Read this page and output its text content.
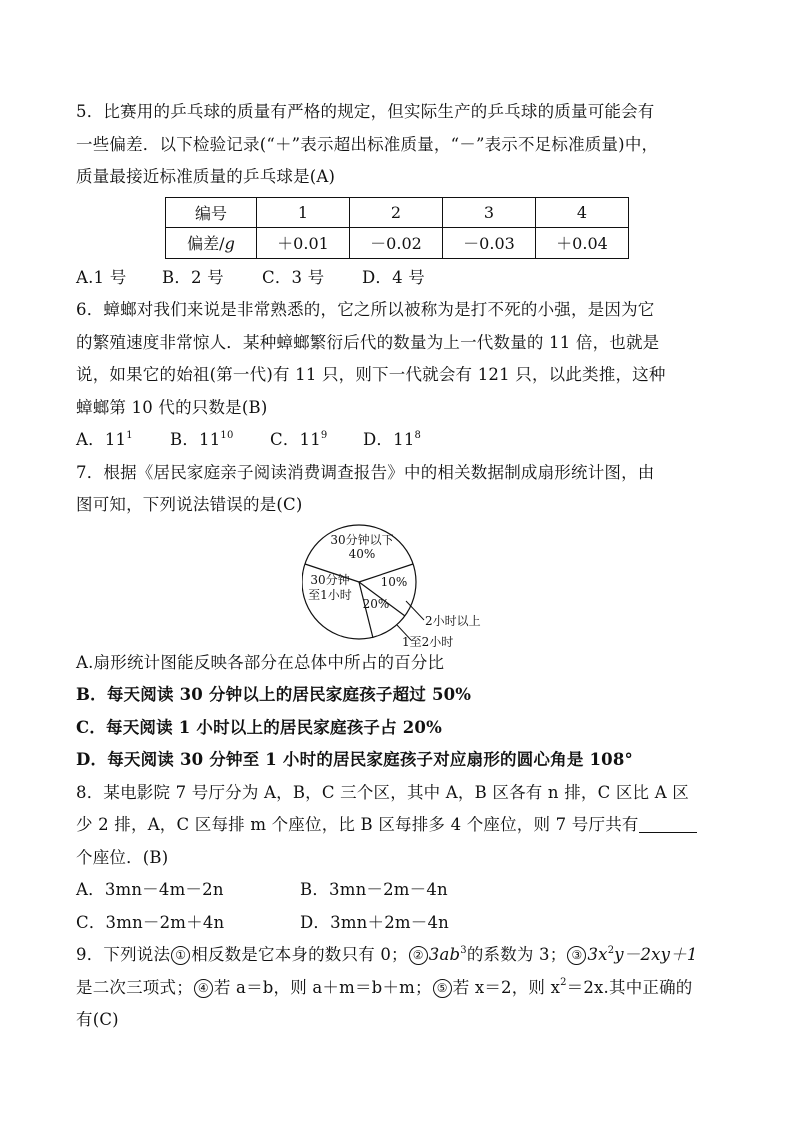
5．比赛用的乒乓球的质量有严格的规定，但实际生产的乒乓球的质量可能会有
一些偏差．以下检验记录(“＋”表示超出标准质量，“－”表示不足标准质量)中，
质量最接近标准质量的乒乓球是(A)
编号	1	2	3	4
偏差/g	＋0.01	－0.02	－0.03	＋0.04
A.1 号 B．2 号 C．3 号 D．4 号
6．蟑螂对我们来说是非常熟悉的，它之所以被称为是打不死的小强，是因为它
的繁殖速度非常惊人．某种蟑螂繁衍后代的数量为上一代数量的 11 倍，也就是
说，如果它的始祖(第一代)有 11 只，则下一代就会有 121 只，以此类推，这种
蟑螂第 10 代的只数是(B)
A．$11^1$ B．$11^{10}$ C．$11^9$ D．$11^8$
7．根据《居民家庭亲子阅读消费调查报告》中的相关数据制成扇形统计图，由
图可知，下列说法错误的是(C)
30分钟以下
40%
30分钟
至1小时
20%
10%
2小时以上
1至2小时
A.扇形统计图能反映各部分在总体中所占的百分比
B．每天阅读 30 分钟以上的居民家庭孩子超过 50%
C．每天阅读 1 小时以上的居民家庭孩子占 20%
D．每天阅读 30 分钟至 1 小时的居民家庭孩子对应扇形的圆心角是 108°
8．某电影院 7 号厅分为 A，B，C 三个区，其中 A，B 区各有 n 排，C 区比 A 区
少 2 排，A，C 区每排 m 个座位，比 B 区每排多 4 个座位，则 7 号厅共有
个座位．(B)
A．3mn－4m－2n	B．3mn－2m－4n
C．3mn－2m＋4n	D．3mn＋2m－4n
9．下列说法 ① 相反数是它本身的数只有 0； ② $3ab^3$的系数为 3； ③ $3x^2y-2xy+1$
是二次三项式； ④ 若 a＝b，则 a＋m＝b＋m； ⑤ 若 x＝2，则 $x^2=2x$.其中正确的
有(C)
